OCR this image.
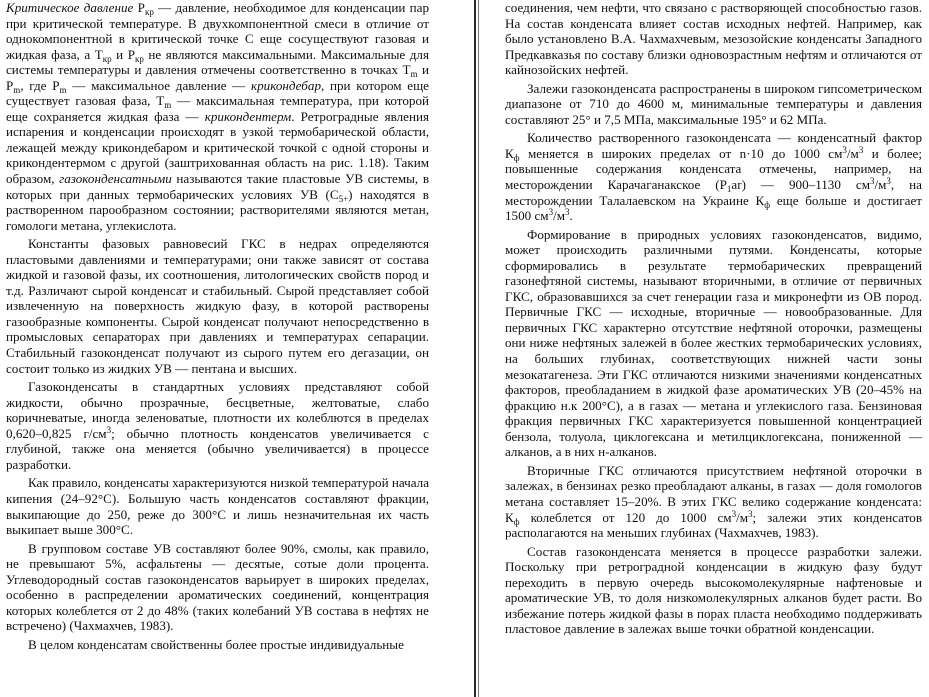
Критическое давление $Р_{кр}$ — давление, необходимое для конденсации пар при критической температуре. В двухкомпонентной смеси в отличие от однокомпонентной в критической точке С еще сосуществуют газовая и жидкая фаза, а $Т_{кр}$ и $Р_{кр}$ не являются максимальными. Максимальные для системы температуры и давления отмечены соответственно в точках $Т_m$ и $Р_m$, где $Р_m$ — максимальное давление — крикондебар, при котором еще существует газовая фаза, $Т_m$ — максимальная температура, при которой еще сохраняется жидкая фаза — крикондентерм. Ретроградные явления испарения и конденсации происходят в узкой термобарической области, лежащей между крикондебаром и критической точкой с одной стороны и крикондентермом с другой (заштрихованная область на рис. 1.18). Таким образом, газоконденсатными называются такие пластовые УВ системы, в которых при данных термобарических условиях УВ $(С_{5+})$ находятся в растворенном парообразном состоянии; растворителями являются метан, гомологи метана, углекислота.

Константы фазовых равновесий ГКС в недрах определяются пластовыми давлениями и температурами; они также зависят от состава жидкой и газовой фазы, их соотношения, литологических свойств пород и т.д. Различают сырой конденсат и стабильный. Сырой представляет собой извлеченную на поверхность жидкую фазу, в которой растворены газообразные компоненты. Сырой конденсат получают непосредственно в промысловых сепараторах при давлениях и температурах сепарации. Стабильный газоконденсат получают из сырого путем его дегазации, он состоит только из жидких УВ — пентана и высших.

Газоконденсаты в стандартных условиях представляют собой жидкости, обычно прозрачные, бесцветные, желтоватые, слабо коричневатые, иногда зеленоватые, плотности их колеблются в пределах 0,620–0,825 $г/см^3$; обычно плотность конденсатов увеличивается с глубиной, также она меняется (обычно увеличивается) в процессе разработки.

Как правило, конденсаты характеризуются низкой температурой начала кипения (24–92°С). Большую часть конденсатов составляют фракции, выкипающие до 250, реже до 300°С и лишь незначительная их часть выкипает выше 300°С.

В групповом составе УВ составляют более 90%, смолы, как правило, не превышают 5%, асфальтены — десятые, сотые доли процента. Углеводородный состав газоконденсатов варьирует в широких пределах, особенно в распределении ароматических соединений, концентрация которых колеблется от 2 до 48% (таких колебаний УВ состава в нефтях не встречено) (Чахмахчев, 1983).

В целом конденсатам свойственны более простые индивидуальные

соединения, чем нефти, что связано с растворяющей способностью газов. На состав конденсата влияет состав исходных нефтей. Например, как было установлено В.А. Чахмахчевым, мезозойские конденсаты Западного Предкавказья по составу близки одновозрастным нефтям и отличаются от кайнозойских нефтей.

Залежи газоконденсата распространены в широком гипсометрическом диапазоне от 710 до 4600 м, минимальные температуры и давления составляют 25° и 7,5 МПа, максимальные 195° и 62 МПа.

Количество растворенного газоконденсата — конденсатный фактор $К_ф$ меняется в широких пределах от n·10 до 1000 $см^3/м^3$ и более; повышенные содержания конденсата отмечены, например, на месторождении Карачаганакское $(P_1ar)$ — 900–1130 $см^3/м^3$, на месторождении Талалаевском на Украине $К_ф$ еще больше и достигает 1500 $см^3/м^3$.

Формирование в природных условиях газоконденсатов, видимо, может происходить различными путями. Конденсаты, которые сформировались в результате термобарических превращений газонефтяной системы, называют вторичными, в отличие от первичных ГКС, образовавшихся за счет генерации газа и микронефти из ОВ пород. Первичные ГКС — исходные, вторичные — новообразованные. Для первичных ГКС характерно отсутствие нефтяной оторочки, размещены они ниже нефтяных залежей в более жестких термобарических условиях, на больших глубинах, соответствующих нижней части зоны мезокатагенеза. Эти ГКС отличаются низкими значениями конденсатных факторов, преобладанием в жидкой фазе ароматических УВ (20–45% на фракцию н.к 200°С), а в газах — метана и углекислого газа. Бензиновая фракция первичных ГКС характеризуется повышенной концентрацией бензола, толуола, циклогексана и метилциклогексана, пониженной — алканов, а в них н-алканов.

Вторичные ГКС отличаются присутствием нефтяной оторочки в залежах, в бензинах резко преобладают алканы, в газах — доля гомологов метана составляет 15–20%. В этих ГКС велико содержание конденсата: $К_ф$ колеблется от 120 до 1000 $см^3/м^3$; залежи этих конденсатов располагаются на меньших глубинах (Чахмахчев, 1983).

Состав газоконденсата меняется в процессе разработки залежи. Поскольку при ретроградной конденсации в жидкую фазу будут переходить в первую очередь высокомолекулярные нафтеновые и ароматические УВ, то доля низкомолекулярных алканов будет расти. Во избежание потерь жидкой фазы в порах пласта необходимо поддерживать пластовое давление в залежах выше точки обратной конденсации.
